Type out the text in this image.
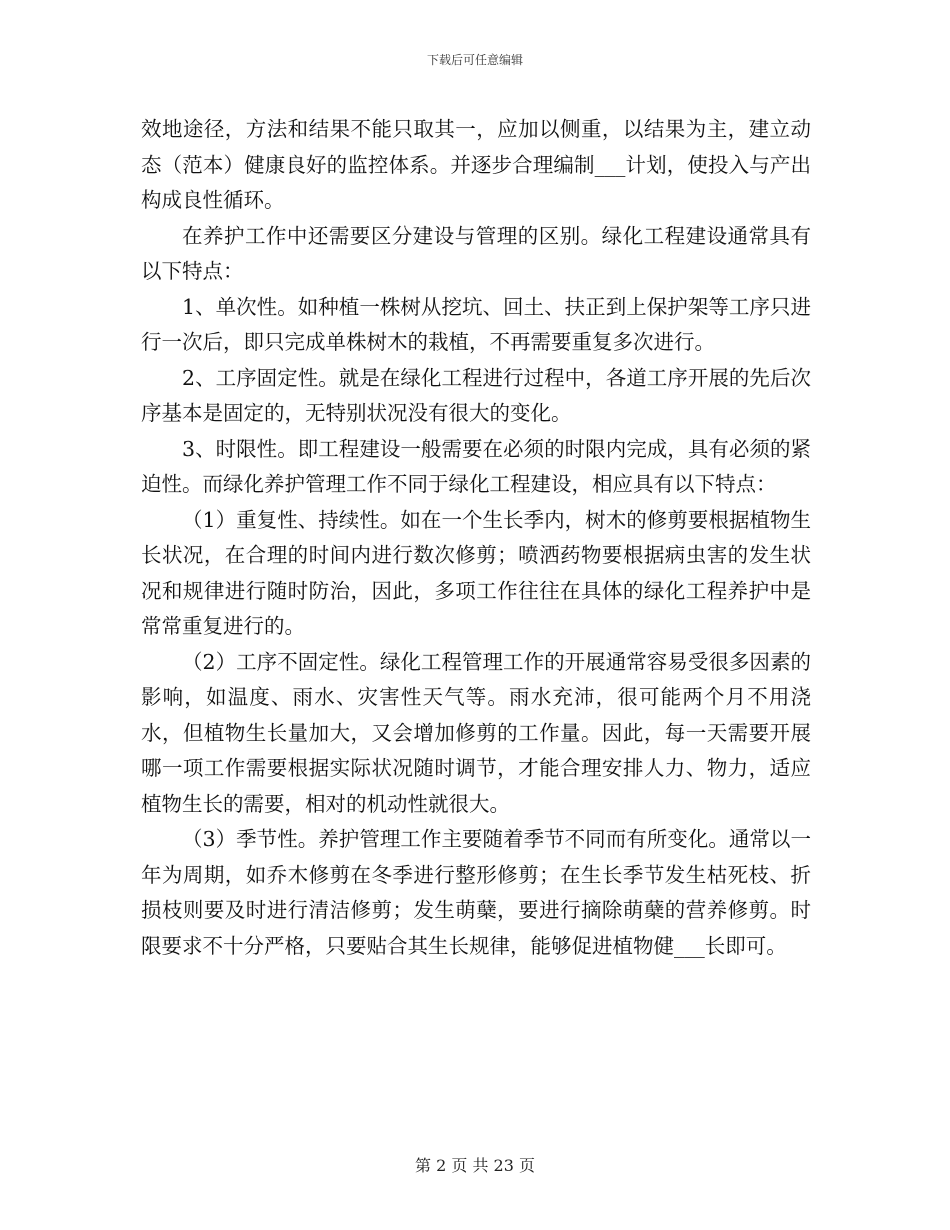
下载后可任意编辑

效地途径，方法和结果不能只取其一，应加以侧重，以结果为主，建立动态（范本）健康良好的监控体系。并逐步合理编制___计划，使投入与产出构成良性循环。

在养护工作中还需要区分建设与管理的区别。绿化工程建设通常具有以下特点：

1、单次性。如种植一株树从挖坑、回土、扶正到上保护架等工序只进行一次后，即只完成单株树木的栽植，不再需要重复多次进行。

2、工序固定性。就是在绿化工程进行过程中，各道工序开展的先后次序基本是固定的，无特别状况没有很大的变化。

3、时限性。即工程建设一般需要在必须的时限内完成，具有必须的紧迫性。而绿化养护管理工作不同于绿化工程建设，相应具有以下特点：

（1）重复性、持续性。如在一个生长季内，树木的修剪要根据植物生长状况，在合理的时间内进行数次修剪；喷洒药物要根据病虫害的发生状况和规律进行随时防治，因此，多项工作往往在具体的绿化工程养护中是常常重复进行的。

（2）工序不固定性。绿化工程管理工作的开展通常容易受很多因素的影响，如温度、雨水、灾害性天气等。雨水充沛，很可能两个月不用浇水，但植物生长量加大，又会增加修剪的工作量。因此，每一天需要开展哪一项工作需要根据实际状况随时调节，才能合理安排人力、物力，适应植物生长的需要，相对的机动性就很大。

（3）季节性。养护管理工作主要随着季节不同而有所变化。通常以一年为周期，如乔木修剪在冬季进行整形修剪；在生长季节发生枯死枝、折损枝则要及时进行清洁修剪；发生萌蘖，要进行摘除萌蘖的营养修剪。时限要求不十分严格，只要贴合其生长规律，能够促进植物健___长即可。

第 2 页 共 23 页
